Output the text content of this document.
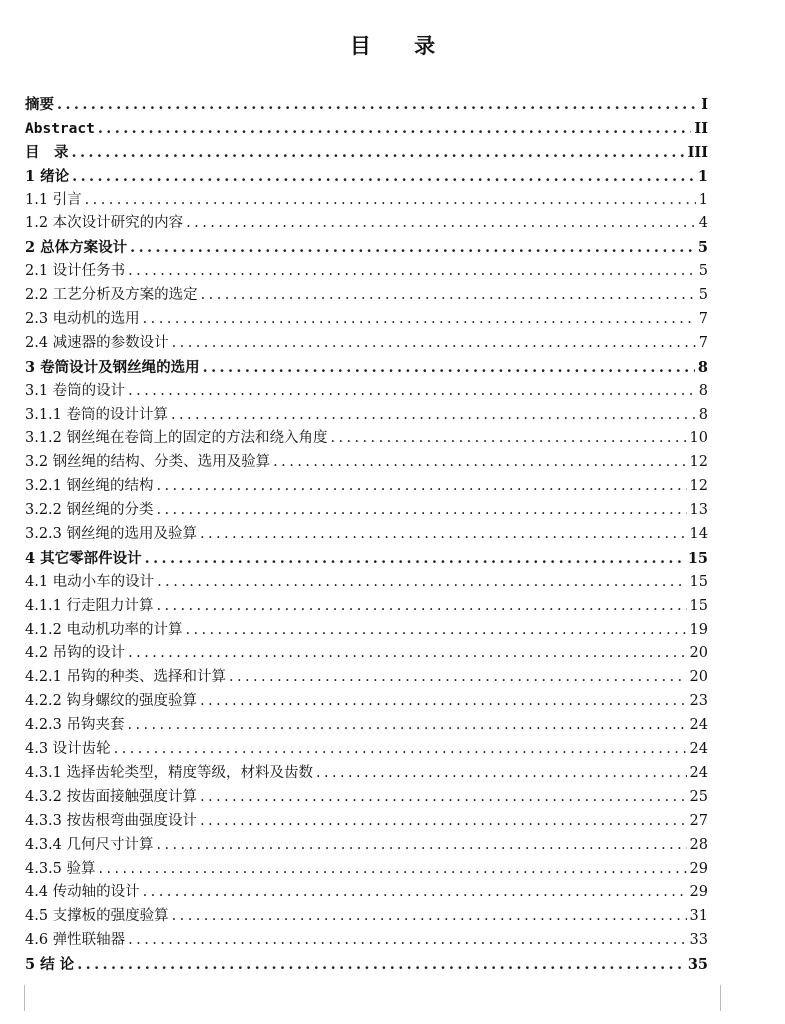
目 录
摘要 .....	I
Abstract .....	II
目　录 .....	III
1 绪论 .....	1
1.1 引言 .....	1
1.2 本次设计研究的内容 .....	4
2 总体方案设计 .....	5
2.1 设计任务书 .....	5
2.2 工艺分析及方案的选定 .....	5
2.3 电动机的选用 .....	7
2.4 减速器的参数设计 .....	7
3 卷筒设计及钢丝绳的选用 .....	8
3.1 卷筒的设计 .....	8
3.1.1 卷筒的设计计算 .....	8
3.1.2 钢丝绳在卷筒上的固定的方法和绕入角度 .....	10
3.2 钢丝绳的结构、分类、选用及验算 .....	12
3.2.1 钢丝绳的结构 .....	12
3.2.2 钢丝绳的分类 .....	13
3.2.3 钢丝绳的选用及验算 .....	14
4 其它零部件设计 .....	15
4.1 电动小车的设计 .....	15
4.1.1 行走阻力计算 .....	15
4.1.2 电动机功率的计算 .....	19
4.2 吊钩的设计 .....	20
4.2.1 吊钩的种类、选择和计算 .....	20
4.2.2 钩身螺纹的强度验算 .....	23
4.2.3 吊钩夹套 .....	24
4.3 设计齿轮 .....	24
4.3.1 选择齿轮类型，精度等级，材料及齿数 .....	24
4.3.2 按齿面接触强度计算 .....	25
4.3.3 按齿根弯曲强度设计 .....	27
4.3.4 几何尺寸计算 .....	28
4.3.5 验算 .....	29
4.4 传动轴的设计 .....	29
4.5 支撑板的强度验算 .....	31
4.6 弹性联轴器 .....	33
5 结 论 .....	35
